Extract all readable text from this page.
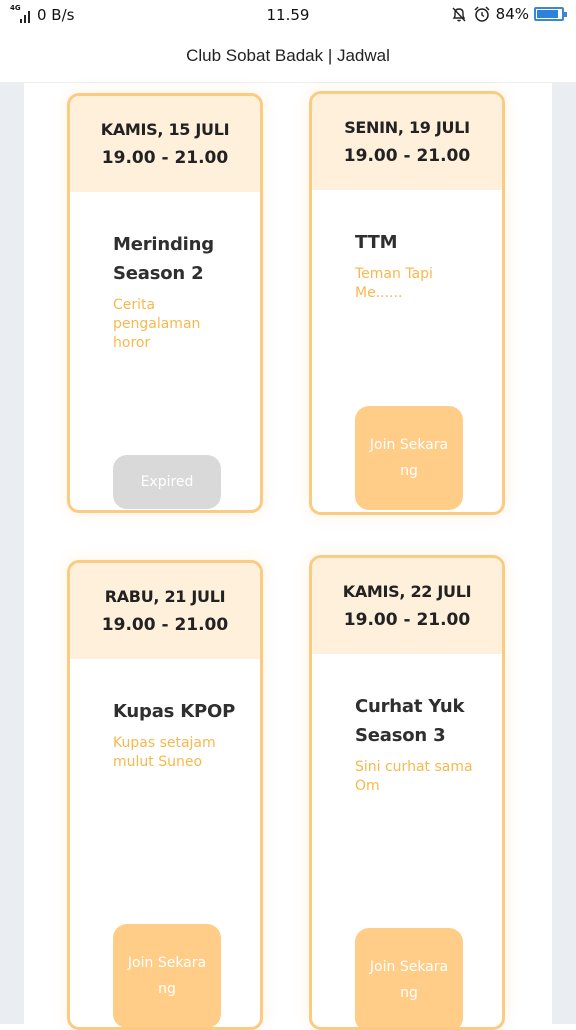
4G 0 B/s	11.59	84%
Club Sobat Badak | Jadwal
KAMIS, 15 JULI
19.00 - 21.00
Merinding Season 2
Cerita pengalaman horor
Expired
SENIN, 19 JULI
19.00 - 21.00
TTM
Teman Tapi Me......
Join Sekarang
RABU, 21 JULI
19.00 - 21.00
Kupas KPOP
Kupas setajam mulut Suneo
Join Sekarang
KAMIS, 22 JULI
19.00 - 21.00
Curhat Yuk Season 3
Sini curhat sama Om
Join Sekarang
